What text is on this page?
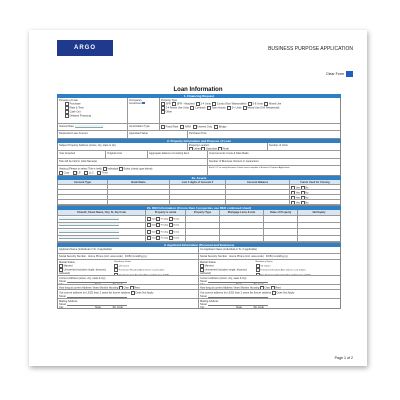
ARGO	BUSINESS PURPOSE APPLICATION
Clear Form
Loan Information
1. Financing Request
Purpose of Loan
Purchase
Rate & Term
Cash Out
Delayed Financing
Occupancy
Investment
Property Type
SFR SFR - Attached 2-4 Units Condo (Non Warrantable) 5-8 Units Mixed Use
2-4 Mixed Use Units Condotel Town House 5+ Units Mixed Use (5-8 Residential)
Other
Interest Rate	Amortization Type	Fixed Rate	ARM	Interest Only	Bridge
Requested Loan Amount	Appraised Value	Purchase Price
2. Property Information and Purpose of Loan
Subject Property Address (street, city, state & zip)	Property Location
Urban Suburban Rural
Number of Units
Year Acquired	Original Cost	Aggregate balance of existing liens	Improvements Costs & Date Made
Title will be held in what Name(s)	Number of Business Owners or Guarantors
Vesting (Please to select Title is held) Individual Entity (check type below)
Corp	LP	LLC	Trust
Each LLC or entity Business Owner must complete a Business Purpose Application
2a. Assets
Account Type	Bank Name	Last 4 digits of Account #	Account Balance	Funds Used for Closing
Yes No
Yes No
Yes No
Yes No
2b. REO Information (if more than 4 properties use REO continued sheet)
Street/#, Street Name, City, St, Zip Code	Property is rental	Property Type	Mortgage Liens & Amt	Value of Property	Net Equity
Sold	Pending	Rental
Sold	Pending	Rental
Sold	Pending	Rental
Sold	Pending	Rental
3. Applicant Information (Personal and Business)
Applicant Name (individual or Sr. if applicable)
Social Security Number Home Phone (incl. area code) DOB (mm/dd/yyyy)
Marital Status
Married
Unmarried (includes single, divorced, widowed)

Residency Status
US Citizen
Permanent Resident Alien (Green Card holder)
Non-Permanent Resident Alien w/ Work Visa (VISA)

Current Address (street, city, state & zip)
Street
City	State	Zip Code
How long at current Address Years Months Housing Own Rent
If at current address for LESS than 2 years list former address Does Not Apply
Street

Mailing Address
Street
City	State	Zip Code
Co-Applicant Name (individual or Sr. if applicable)
Social Security Number Home Phone (incl. area code) DOB (mm/dd/yyyy)
Marital Status
Married
Unmarried (includes single, divorced, widowed)

Residency Status
US Citizen
Permanent Resident Alien (Green Card holder)
Non-Permanent Resident Alien w/ Work Visa (VISA)

Current Address (street, city, state & zip)
Street
City	State	Zip Code
How long at current Address Years Months Housing Own Rent
If at current address for LESS than 2 years list former address Does Not Apply
Street

Mailing Address
Street
City	State	Zip Code
Page 1 of 2
